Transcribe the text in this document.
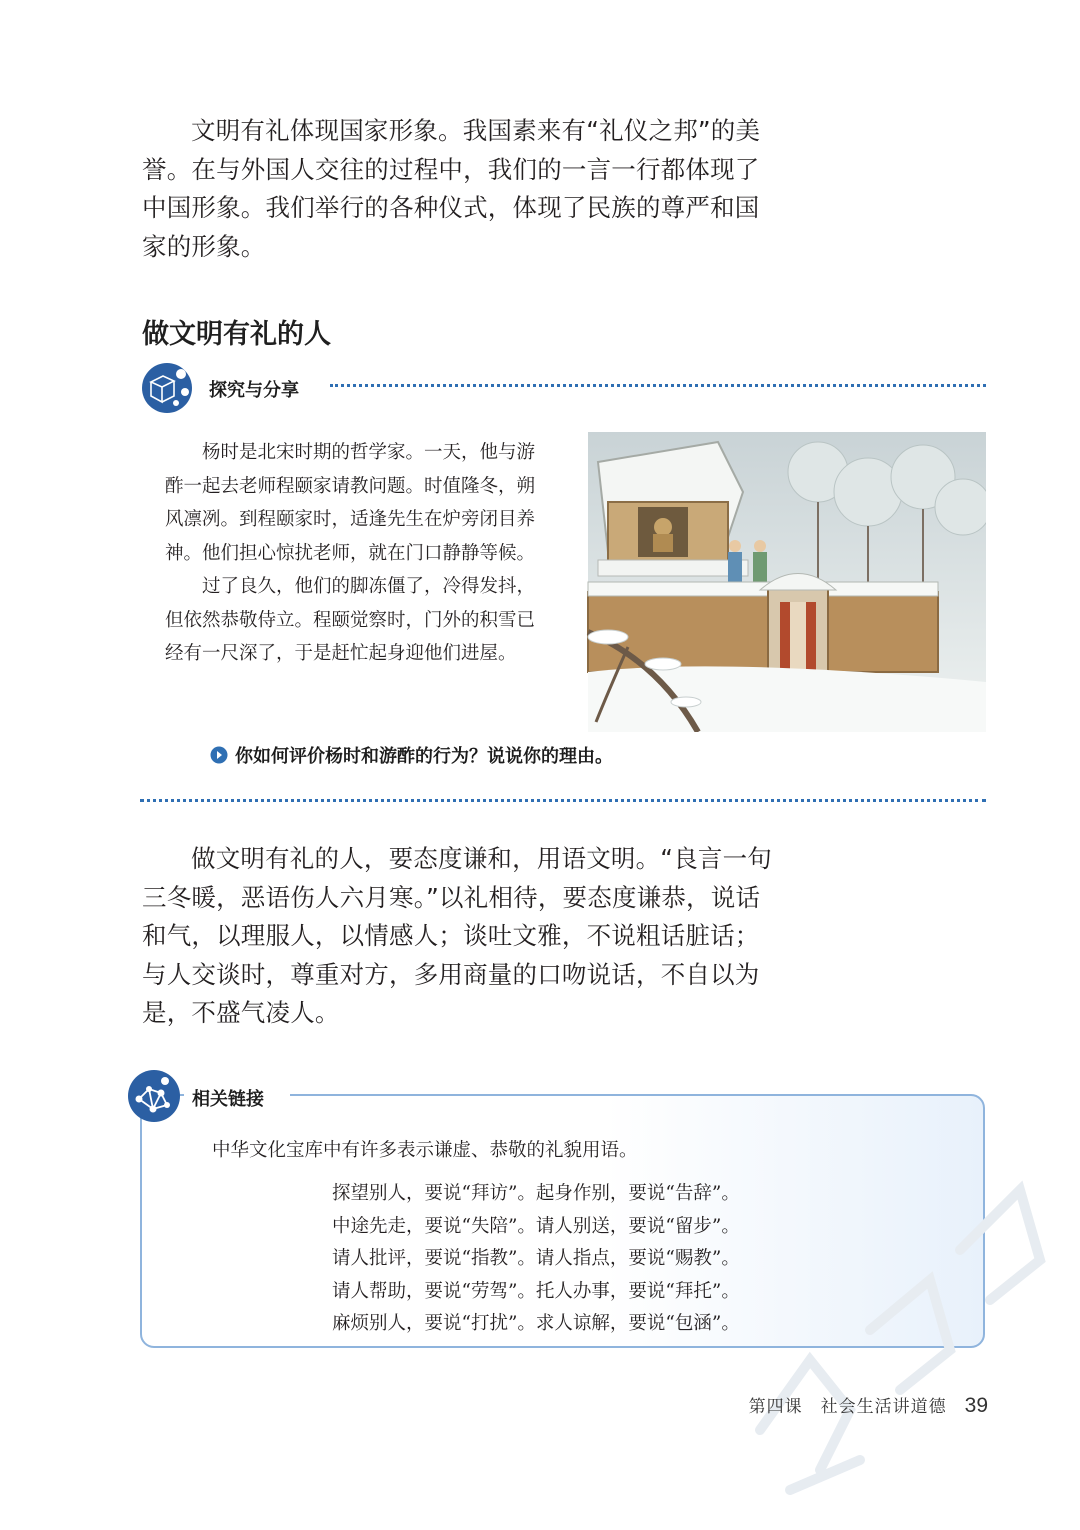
文明有礼体现国家形象。我国素来有“礼仪之邦”的美誉。在与外国人交往的过程中，我们的一言一行都体现了中国形象。我们举行的各种仪式，体现了民族的尊严和国家的形象。

做文明有礼的人
探究与分享

杨时是北宋时期的哲学家。一天，他与游酢一起去老师程颐家请教问题。时值隆冬，朔风凛冽。到程颐家时，适逢先生在炉旁闭目养神。他们担心惊扰老师，就在门口静静等候。

过了良久，他们的脚冻僵了，冷得发抖，但依然恭敬侍立。程颐觉察时，门外的积雪已经有一尺深了，于是赶忙起身迎他们进屋。

你如何评价杨时和游酢的行为？说说你的理由。

做文明有礼的人，要态度谦和，用语文明。“良言一句三冬暖，恶语伤人六月寒。”以礼相待，要态度谦恭，说话和气，以理服人，以情感人；谈吐文雅，不说粗话脏话；与人交谈时，尊重对方，多用商量的口吻说话，不自以为是，不盛气凌人。

相关链接

中华文化宝库中有许多表示谦虚、恭敬的礼貌用语。

探望别人，要说“拜访”。起身作别，要说“告辞”。
中途先走，要说“失陪”。请人别送，要说“留步”。
请人批评，要说“指教”。请人指点，要说“赐教”。
请人帮助，要说“劳驾”。托人办事，要说“拜托”。
麻烦别人，要说“打扰”。求人谅解，要说“包涵”。
第四课　社会生活讲道德 39
